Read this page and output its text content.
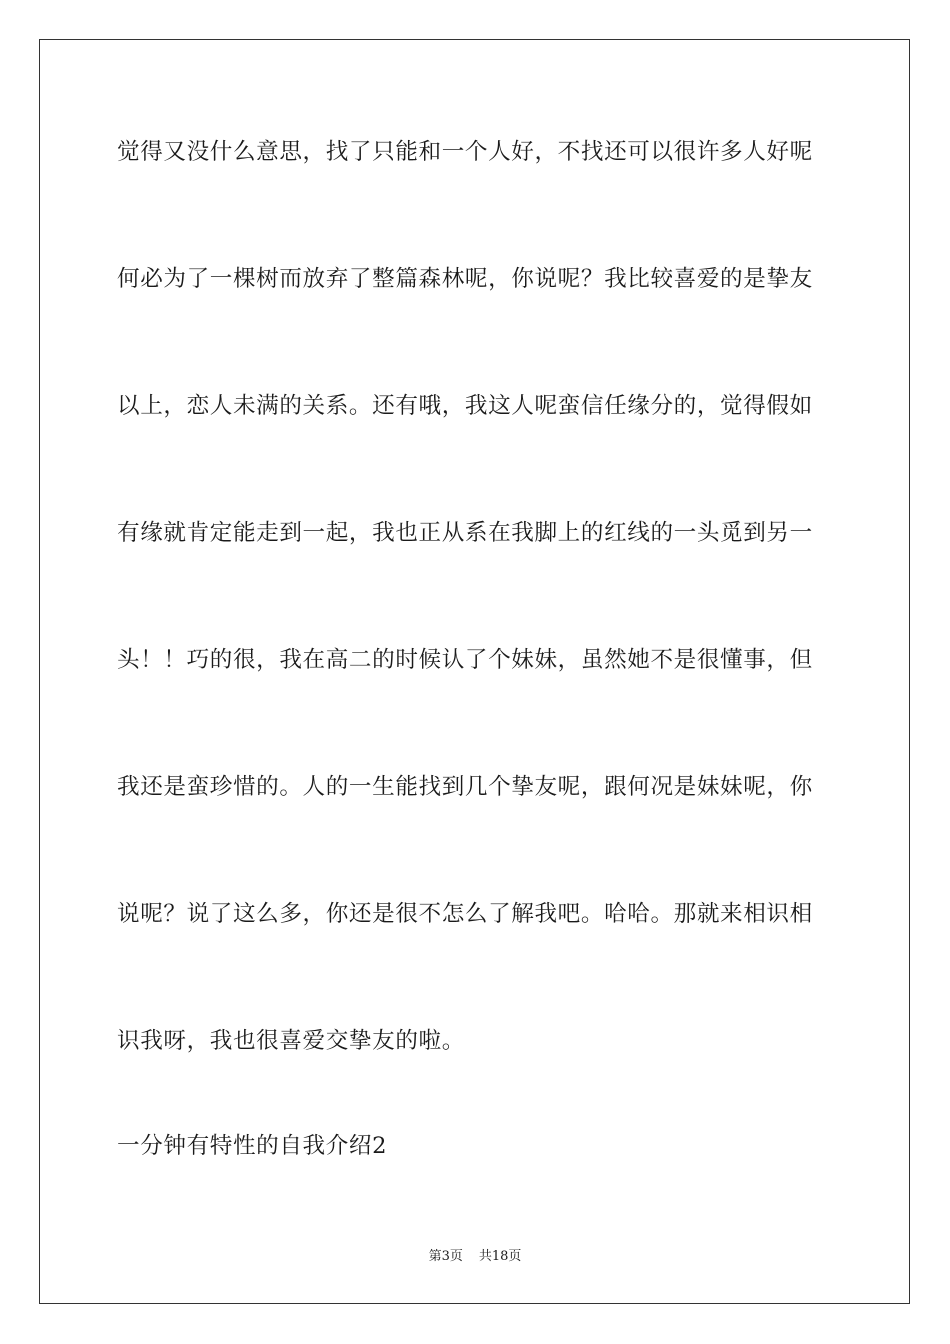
觉得又没什么意思，找了只能和一个人好，不找还可以很许多人好呢
何必为了一棵树而放弃了整篇森林呢，你说呢？我比较喜爱的是挚友
以上，恋人未满的关系。还有哦，我这人呢蛮信任缘分的，觉得假如
有缘就肯定能走到一起，我也正从系在我脚上的红线的一头觅到另一
头！！巧的很，我在高二的时候认了个妹妹，虽然她不是很懂事，但
我还是蛮珍惜的。人的一生能找到几个挚友呢，跟何况是妹妹呢，你
说呢？说了这么多，你还是很不怎么了解我吧。哈哈。那就来相识相
识我呀，我也很喜爱交挚友的啦。
一分钟有特性的自我介绍2
第3页 共18页
